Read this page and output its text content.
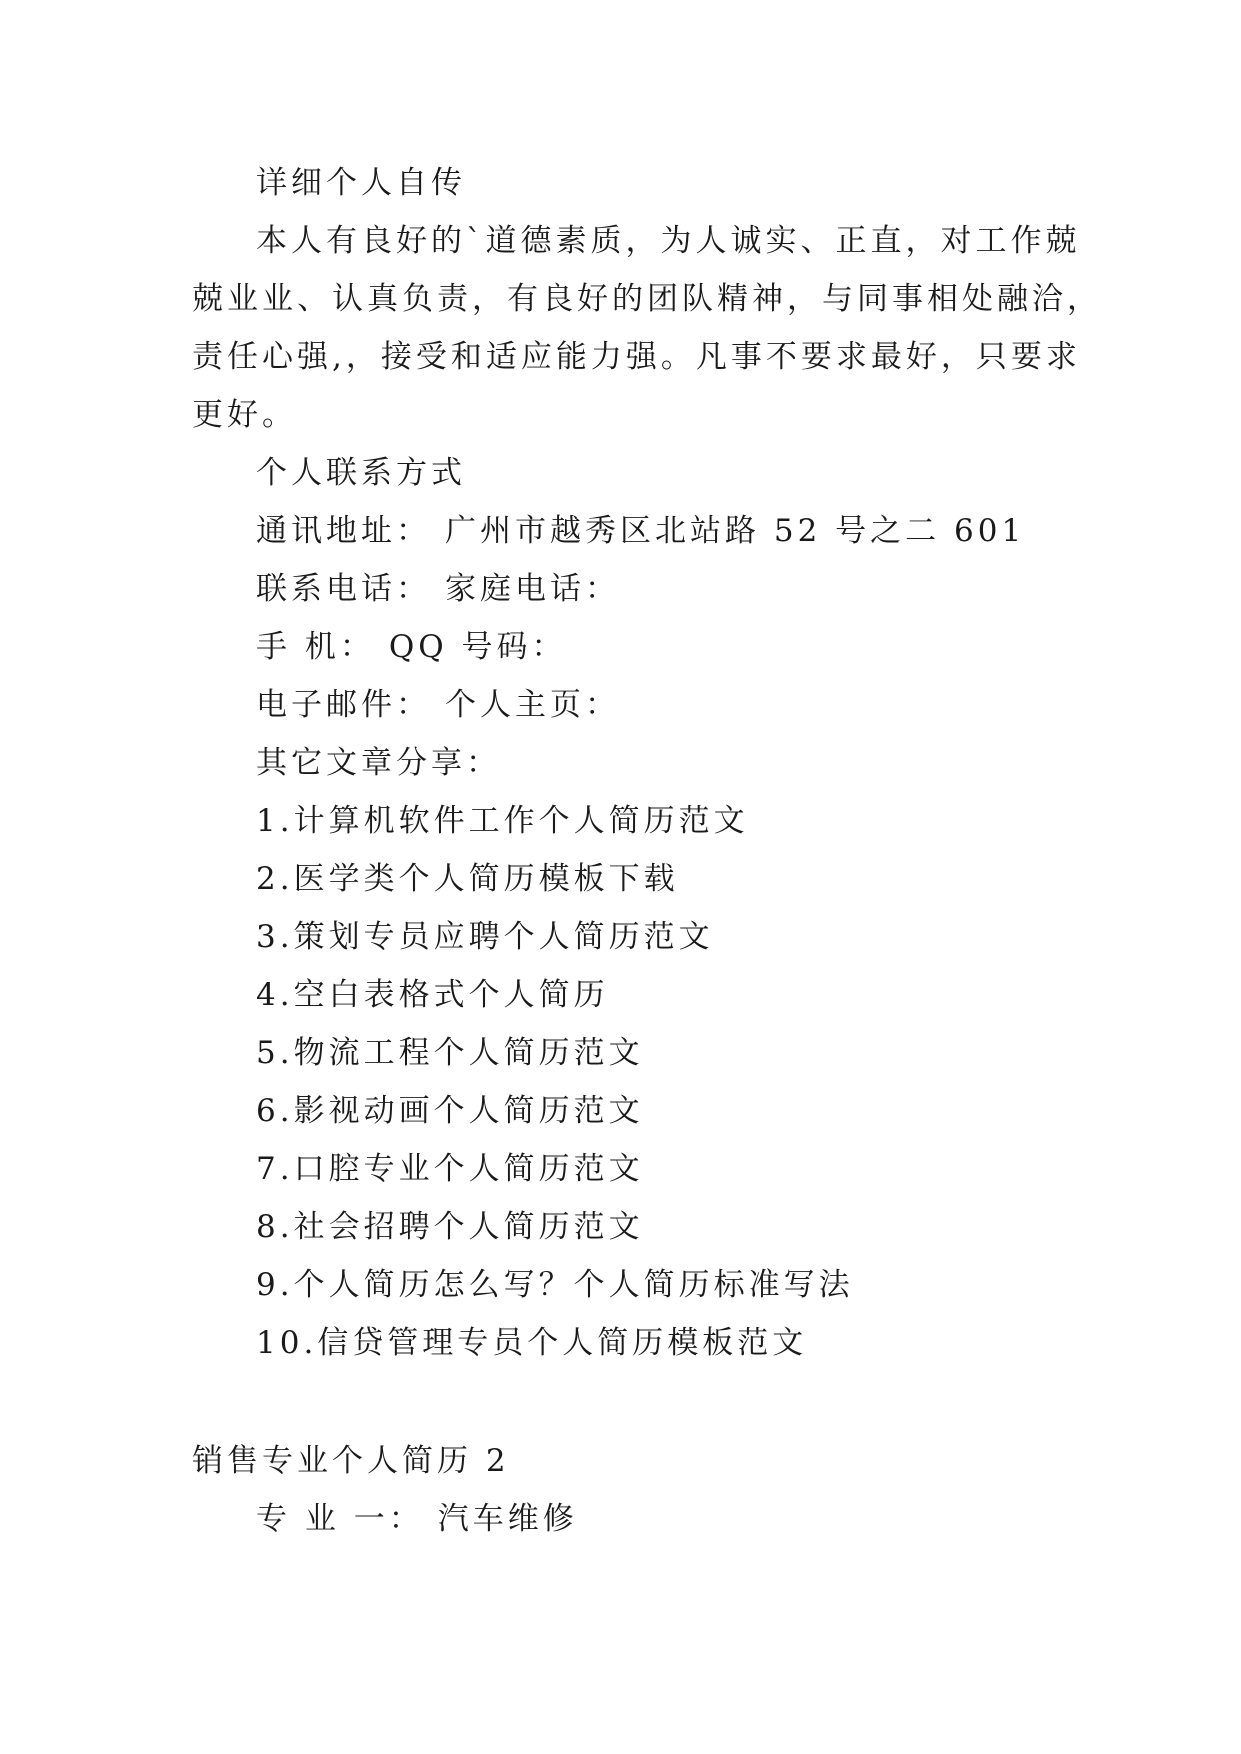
详细个人自传
本人有良好的`道德素质，为人诚实、正直，对工作兢
兢业业、认真负责，有良好的团队精神，与同事相处融洽，
责任心强,，接受和适应能力强。凡事不要求最好，只要求
更好。
个人联系方式
通讯地址： 广州市越秀区北站路 52 号之二 601
联系电话： 家庭电话：
手 机： QQ 号码：
电子邮件： 个人主页：
其它文章分享：
1.计算机软件工作个人简历范文
2.医学类个人简历模板下载
3.策划专员应聘个人简历范文
4.空白表格式个人简历
5.物流工程个人简历范文
6.影视动画个人简历范文
7.口腔专业个人简历范文
8.社会招聘个人简历范文
9.个人简历怎么写？个人简历标准写法
10.信贷管理专员个人简历模板范文
销售专业个人简历 2
专 业 一： 汽车维修
